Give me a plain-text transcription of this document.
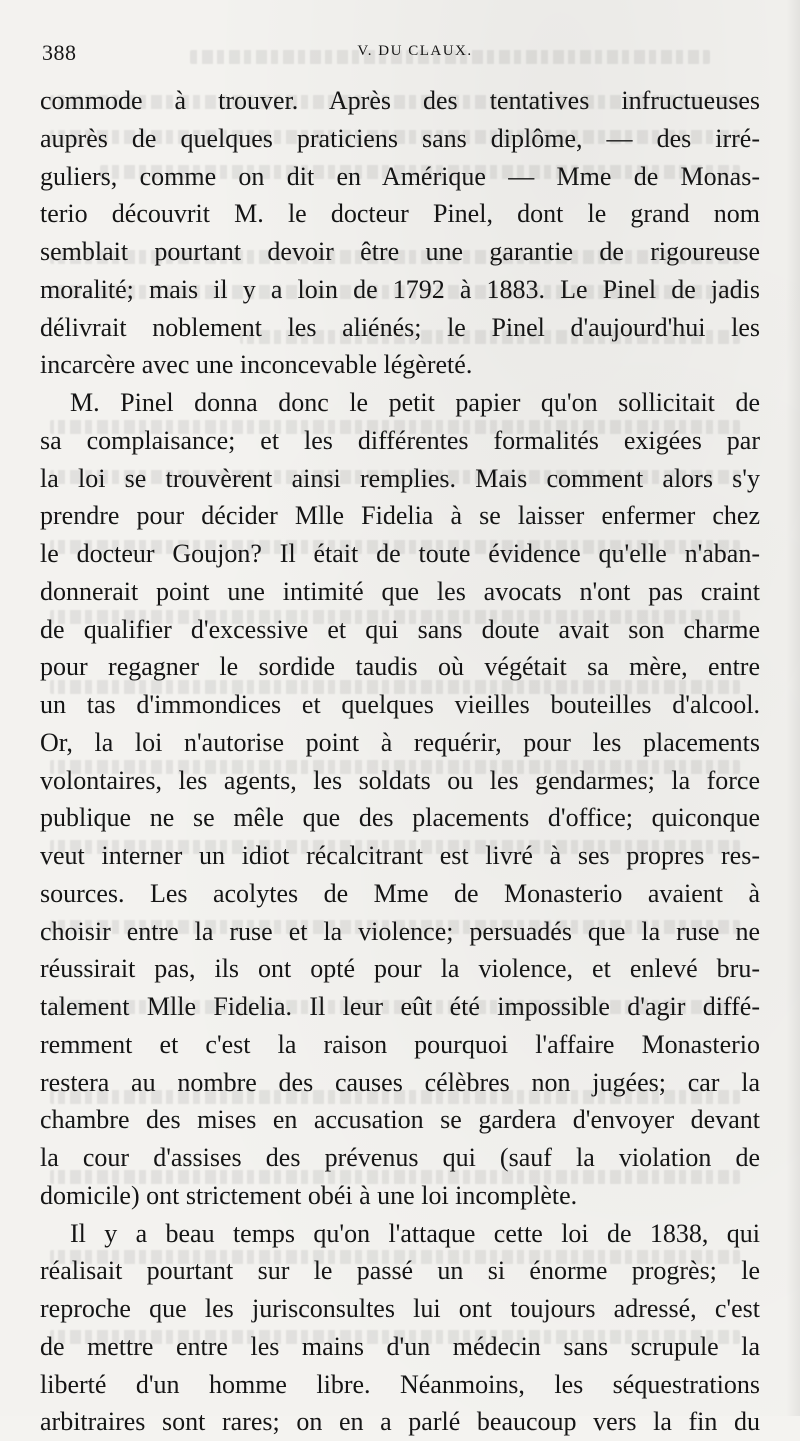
388	V. DU CLAUX.
commode à trouver. Après des tentatives infructueuses
auprès de quelques praticiens sans diplôme, — des irré-
guliers, comme on dit en Amérique — Mme de Monas-
terio découvrit M. le docteur Pinel, dont le grand nom
semblait pourtant devoir être une garantie de rigoureuse
moralité; mais il y a loin de 1792 à 1883. Le Pinel de jadis
délivrait noblement les aliénés; le Pinel d'aujourd'hui les
incarcère avec une inconcevable légèreté.
M. Pinel donna donc le petit papier qu'on sollicitait de
sa complaisance; et les différentes formalités exigées par
la loi se trouvèrent ainsi remplies. Mais comment alors s'y
prendre pour décider Mlle Fidelia à se laisser enfermer chez
le docteur Goujon? Il était de toute évidence qu'elle n'aban-
donnerait point une intimité que les avocats n'ont pas craint
de qualifier d'excessive et qui sans doute avait son charme
pour regagner le sordide taudis où végétait sa mère, entre
un tas d'immondices et quelques vieilles bouteilles d'alcool.
Or, la loi n'autorise point à requérir, pour les placements
volontaires, les agents, les soldats ou les gendarmes; la force
publique ne se mêle que des placements d'office; quiconque
veut interner un idiot récalcitrant est livré à ses propres res-
sources. Les acolytes de Mme de Monasterio avaient à
choisir entre la ruse et la violence; persuadés que la ruse ne
réussirait pas, ils ont opté pour la violence, et enlevé bru-
talement Mlle Fidelia. Il leur eût été impossible d'agir diffé-
remment et c'est la raison pourquoi l'affaire Monasterio
restera au nombre des causes célèbres non jugées; car la
chambre des mises en accusation se gardera d'envoyer devant
la cour d'assises des prévenus qui (sauf la violation de
domicile) ont strictement obéi à une loi incomplète.
Il y a beau temps qu'on l'attaque cette loi de 1838, qui
réalisait pourtant sur le passé un si énorme progrès; le
reproche que les jurisconsultes lui ont toujours adressé, c'est
de mettre entre les mains d'un médecin sans scrupule la
liberté d'un homme libre. Néanmoins, les séquestrations
arbitraires sont rares; on en a parlé beaucoup vers la fin du
